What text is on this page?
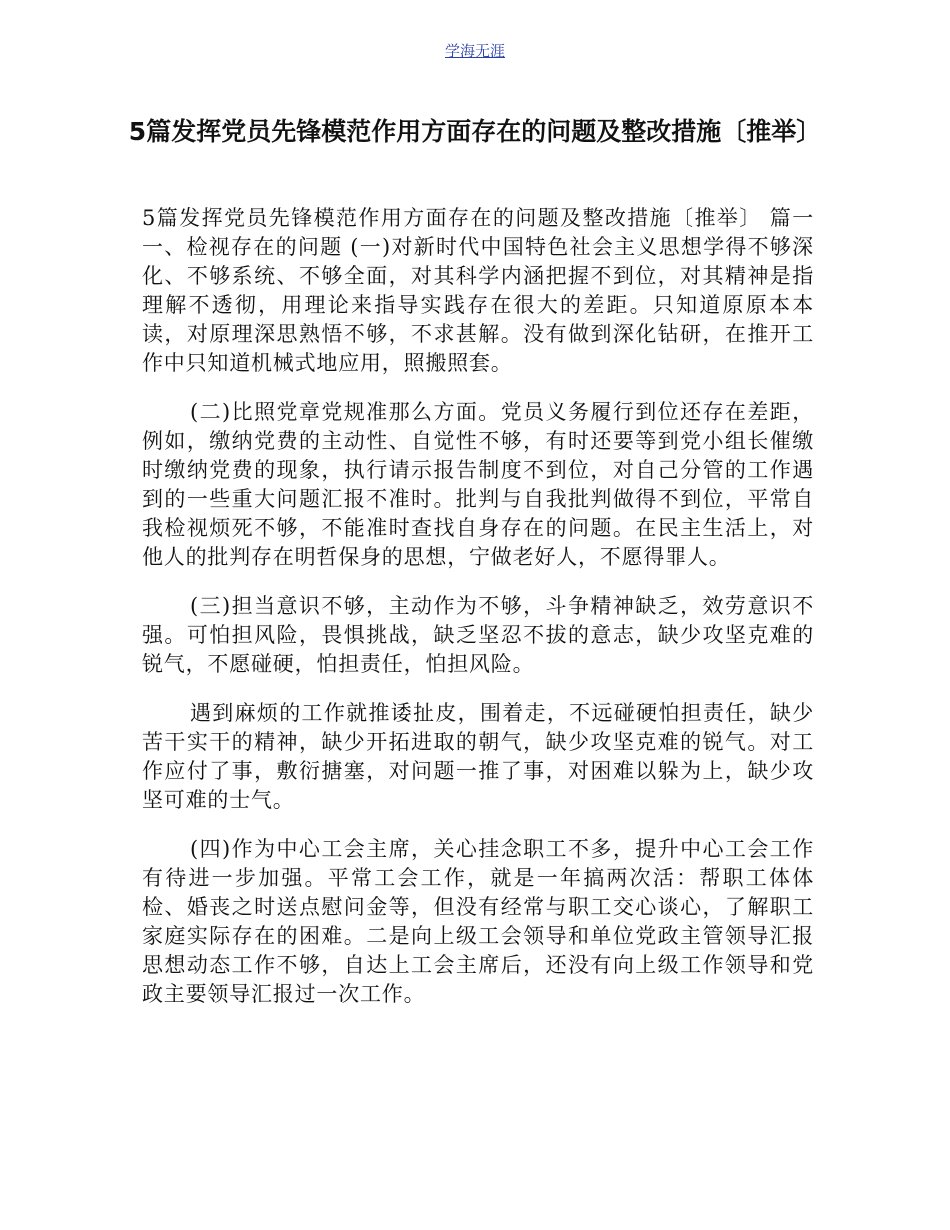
学海无涯
5篇发挥党员先锋模范作用方面存在的问题及整改措施〔推举〕

5篇发挥党员先锋模范作用方面存在的问题及整改措施〔推举〕 篇一 一、检视存在的问题 (一)对新时代中国特色社会主义思想学得不够深化、不够系统、不够全面，对其科学内涵把握不到位，对其精神是指理解不透彻，用理论来指导实践存在很大的差距。只知道原原本本读，对原理深思熟悟不够，不求甚解。没有做到深化钻研，在推开工作中只知道机械式地应用，照搬照套。

(二)比照党章党规准那么方面。党员义务履行到位还存在差距，例如，缴纳党费的主动性、自觉性不够，有时还要等到党小组长催缴时缴纳党费的现象，执行请示报告制度不到位，对自己分管的工作遇到的一些重大问题汇报不准时。批判与自我批判做得不到位，平常自我检视烦死不够，不能准时查找自身存在的问题。在民主生活上，对他人的批判存在明哲保身的思想，宁做老好人，不愿得罪人。

(三)担当意识不够，主动作为不够，斗争精神缺乏，效劳意识不强。可怕担风险，畏惧挑战，缺乏坚忍不拔的意志，缺少攻坚克难的锐气，不愿碰硬，怕担责任，怕担风险。

遇到麻烦的工作就推诿扯皮，围着走，不远碰硬怕担责任，缺少苦干实干的精神，缺少开拓进取的朝气，缺少攻坚克难的锐气。对工作应付了事，敷衍搪塞，对问题一推了事，对困难以躲为上，缺少攻坚可难的士气。

(四)作为中心工会主席，关心挂念职工不多，提升中心工会工作有待进一步加强。平常工会工作，就是一年搞两次活：帮职工体体检、婚丧之时送点慰问金等，但没有经常与职工交心谈心，了解职工家庭实际存在的困难。二是向上级工会领导和单位党政主管领导汇报思想动态工作不够，自达上工会主席后，还没有向上级工作领导和党政主要领导汇报过一次工作。
